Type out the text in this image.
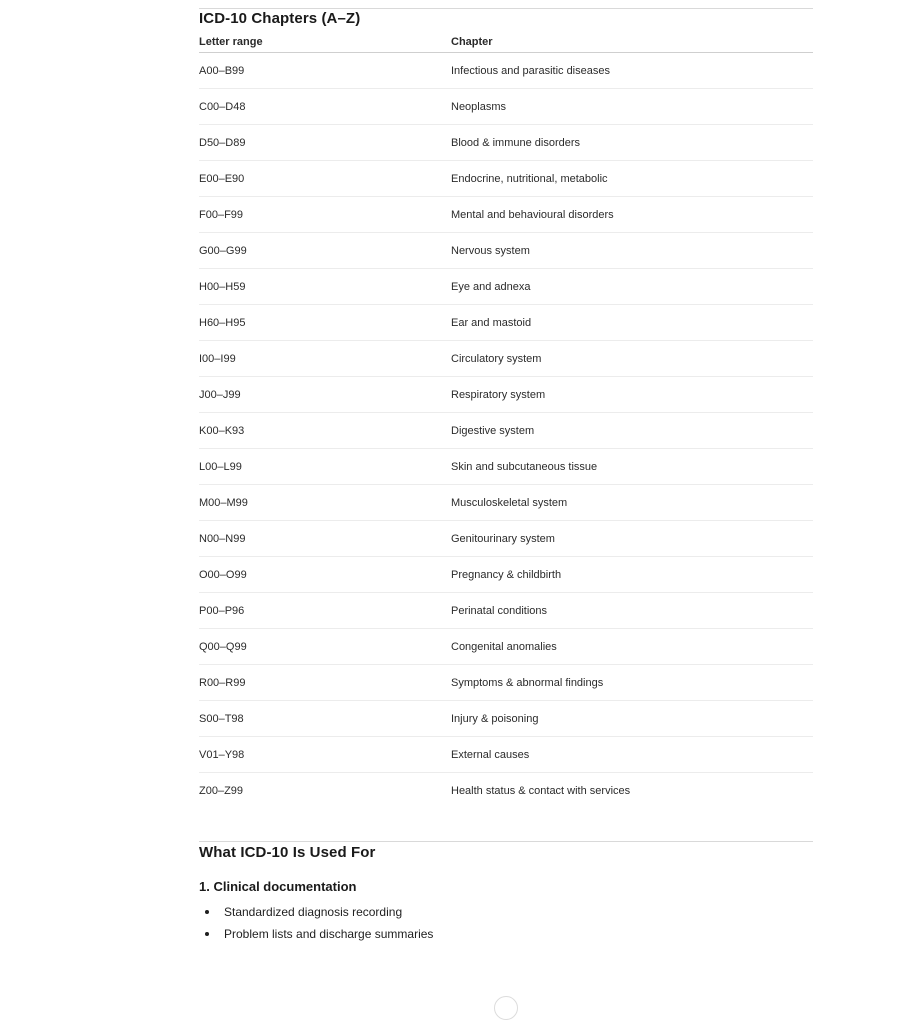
ICD-10 Chapters (A–Z)
Letter range	Chapter
A00–B99	Infectious and parasitic diseases
C00–D48	Neoplasms
D50–D89	Blood & immune disorders
E00–E90	Endocrine, nutritional, metabolic
F00–F99	Mental and behavioural disorders
G00–G99	Nervous system
H00–H59	Eye and adnexa
H60–H95	Ear and mastoid
I00–I99	Circulatory system
J00–J99	Respiratory system
K00–K93	Digestive system
L00–L99	Skin and subcutaneous tissue
M00–M99	Musculoskeletal system
N00–N99	Genitourinary system
O00–O99	Pregnancy & childbirth
P00–P96	Perinatal conditions
Q00–Q99	Congenital anomalies
R00–R99	Symptoms & abnormal findings
S00–T98	Injury & poisoning
V01–Y98	External causes
Z00–Z99	Health status & contact with services
What ICD-10 Is Used For
1. Clinical documentation
Standardized diagnosis recording
Problem lists and discharge summaries
